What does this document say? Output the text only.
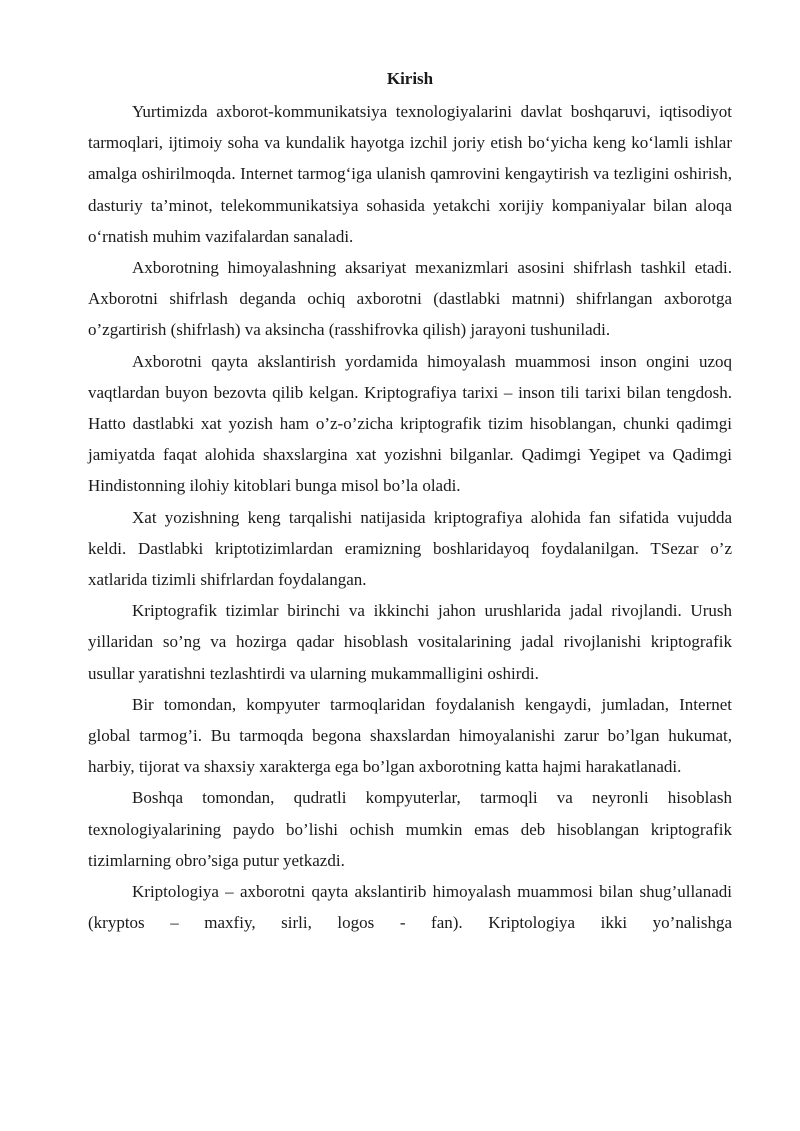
Kirish

Yurtimizda axborot-kommunikatsiya texnologiyalarini davlat boshqaruvi, iqtisodiyot tarmoqlari, ijtimoiy soha va kundalik hayotga izchil joriy etish bo‘yicha keng ko‘lamli ishlar amalga oshirilmoqda. Internet tarmog‘iga ulanish qamrovini kengaytirish va tezligini oshirish, dasturiy ta’minot, telekommunikatsiya sohasida yetakchi xorijiy kompaniyalar bilan aloqa o‘rnatish muhim vazifalardan sanaladi.

Axborotning himoyalashning aksariyat mexanizmlari asosini shifrlash tashkil etadi. Axborotni shifrlash deganda ochiq axborotni (dastlabki matnni) shifrlangan axborotga o’zgartirish (shifrlash) va aksincha (rasshifrovka qilish) jarayoni tushuniladi.

Axborotni qayta akslantirish yordamida himoyalash muammosi inson ongini uzoq vaqtlardan buyon bezovta qilib kelgan. Kriptografiya tarixi – inson tili tarixi bilan tengdosh. Hatto dastlabki xat yozish ham o’z-o’zicha kriptografik tizim hisoblangan, chunki qadimgi jamiyatda faqat alohida shaxslargina xat yozishni bilganlar. Qadimgi Yegipet va Qadimgi Hindistonning ilohiy kitoblari bunga misol bo’la oladi.

Xat yozishning keng tarqalishi natijasida kriptografiya alohida fan sifatida vujudda keldi. Dastlabki kriptotizimlardan eramizning boshlaridayoq foydalanilgan. TSezar o’z xatlarida tizimli shifrlardan foydalangan.

Kriptografik tizimlar birinchi va ikkinchi jahon urushlarida jadal rivojlandi. Urush yillaridan so’ng va hozirga qadar hisoblash vositalarining jadal rivojlanishi kriptografik usullar yaratishni tezlashtirdi va ularning mukammalligini oshirdi.

Bir tomondan, kompyuter tarmoqlaridan foydalanish kengaydi, jumladan, Internet global tarmog’i. Bu tarmoqda begona shaxslardan himoyalanishi zarur bo’lgan hukumat, harbiy, tijorat va shaxsiy xarakterga ega bo’lgan axborotning katta hajmi harakatlanadi.

Boshqa tomondan, qudratli kompyuterlar, tarmoqli va neyronli hisoblash texnologiyalarining paydo bo’lishi ochish mumkin emas deb hisoblangan kriptografik tizimlarning obro’siga putur yetkazdi.

Kriptologiya – axborotni qayta akslantirib himoyalash muammosi bilan shug’ullanadi (kryptos – maxfiy, sirli, logos - fan). Kriptologiya ikki yo’nalishga
